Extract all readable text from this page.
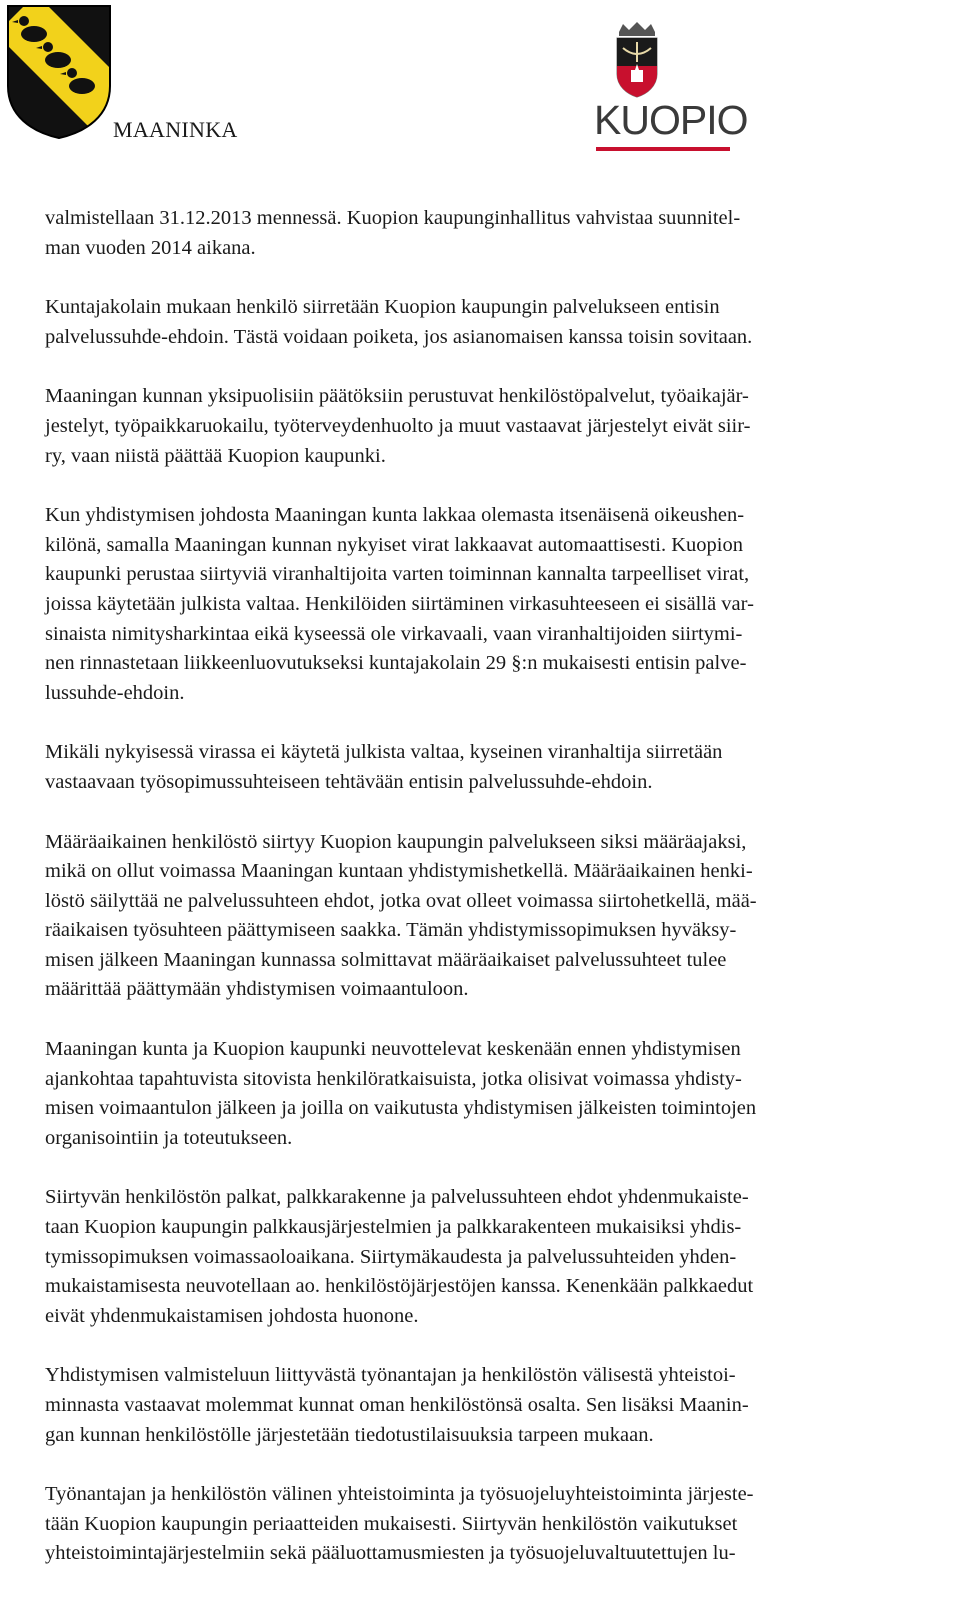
MAANINKA	KUOPIO

valmistellaan 31.12.2013 mennessä. Kuopion kaupunginhallitus vahvistaa suunnitel-
man vuoden 2014 aikana.

Kuntajakolain mukaan henkilö siirretään Kuopion kaupungin palvelukseen entisin
palvelussuhde-ehdoin. Tästä voidaan poiketa, jos asianomaisen kanssa toisin sovitaan.

Maaningan kunnan yksipuolisiin päätöksiin perustuvat henkilöstöpalvelut, työaikajär-
jestelyt, työpaikkaruokailu, työterveydenhuolto ja muut vastaavat järjestelyt eivät siir-
ry, vaan niistä päättää Kuopion kaupunki.

Kun yhdistymisen johdosta Maaningan kunta lakkaa olemasta itsenäisenä oikeushen-
kilönä, samalla Maaningan kunnan nykyiset virat lakkaavat automaattisesti. Kuopion
kaupunki perustaa siirtyviä viranhaltijoita varten toiminnan kannalta tarpeelliset virat,
joissa käytetään julkista valtaa. Henkilöiden siirtäminen virkasuhteeseen ei sisällä var-
sinaista nimitysharkintaa eikä kyseessä ole virkavaali, vaan viranhaltijoiden siirtymi-
nen rinnastetaan liikkeenluovutukseksi kuntajakolain 29 §:n mukaisesti entisin palve-
lussuhde-ehdoin.

Mikäli nykyisessä virassa ei käytetä julkista valtaa, kyseinen viranhaltija siirretään
vastaavaan työsopimussuhteiseen tehtävään entisin palvelussuhde-ehdoin.

Määräaikainen henkilöstö siirtyy Kuopion kaupungin palvelukseen siksi määräajaksi,
mikä on ollut voimassa Maaningan kuntaan yhdistymishetkellä. Määräaikainen henki-
löstö säilyttää ne palvelussuhteen ehdot, jotka ovat olleet voimassa siirtohetkellä, mää-
räaikaisen työsuhteen päättymiseen saakka. Tämän yhdistymissopimuksen hyväksy-
misen jälkeen Maaningan kunnassa solmittavat määräaikaiset palvelussuhteet tulee
määrittää päättymään yhdistymisen voimaantuloon.

Maaningan kunta ja Kuopion kaupunki neuvottelevat keskenään ennen yhdistymisen
ajankohtaa tapahtuvista sitovista henkilöratkaisuista, jotka olisivat voimassa yhdisty-
misen voimaantulon jälkeen ja joilla on vaikutusta yhdistymisen jälkeisten toimintojen
organisointiin ja toteutukseen.

Siirtyvän henkilöstön palkat, palkkarakenne ja palvelussuhteen ehdot yhdenmukaiste-
taan Kuopion kaupungin palkkausjärjestelmien ja palkkarakenteen mukaisiksi yhdis-
tymissopimuksen voimassaoloaikana. Siirtymäkaudesta ja palvelussuhteiden yhden-
mukaistamisesta neuvotellaan ao. henkilöstöjärjestöjen kanssa. Kenenkään palkkaedut
eivät yhdenmukaistamisen johdosta huonone.

Yhdistymisen valmisteluun liittyvästä työnantajan ja henkilöstön välisestä yhteistoi-
minnasta vastaavat molemmat kunnat oman henkilöstönsä osalta. Sen lisäksi Maanin-
gan kunnan henkilöstölle järjestetään tiedotustilaisuuksia tarpeen mukaan.

Työnantajan ja henkilöstön välinen yhteistoiminta ja työsuojeluyhteistoiminta järjeste-
tään Kuopion kaupungin periaatteiden mukaisesti. Siirtyvän henkilöstön vaikutukset
yhteistoimintajärjestelmiin sekä pääluottamusmiesten ja työsuojeluvaltuutettujen lu-
